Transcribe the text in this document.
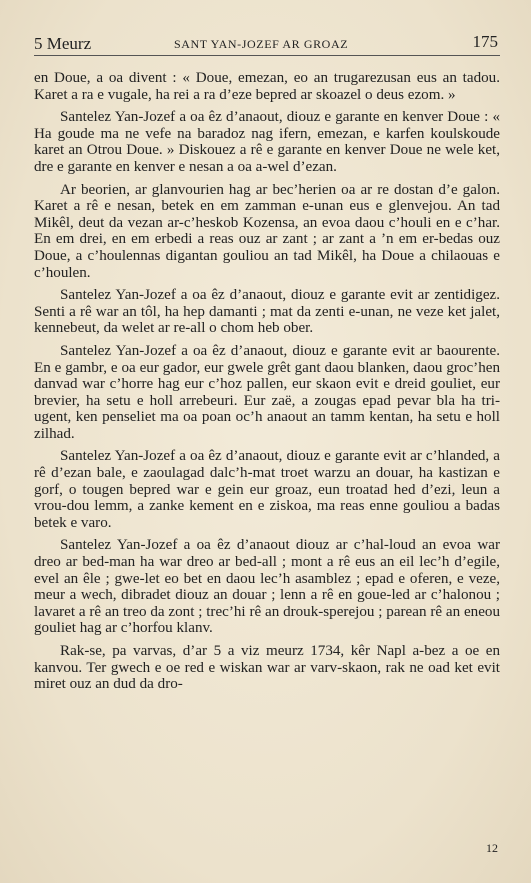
5 Meurz	SANT YAN-JOZEF AR GROAZ	175

en Doue, a oa divent : « Doue, emezan, eo an trugarezusan eus an tadou. Karet a ra e vugale, ha rei a ra d’eze bepred ar skoazel o deus ezom. »

Santelez Yan-Jozef a oa êz d’anaout, diouz e garante en kenver Doue : « Ha goude ma ne vefe na baradoz nag ifern, emezan, e karfen koulskoude karet an Otrou Doue. » Diskouez a rê e garante en kenver Doue ne wele ket, dre e garante en kenver e nesan a oa a-wel d’ezan.

Ar beorien, ar glanvourien hag ar bec’herien oa ar re dostan d’e galon. Karet a rê e nesan, betek en em zamman e-unan eus e glenvejou. An tad Mikêl, deut da vezan ar-c’heskob Kozensa, an evoa daou c’houli en e c’har. En em drei, en em erbedi a reas ouz ar zant ; ar zant a ’n em er-bedas ouz Doue, a c’houlennas digantan gouliou an tad Mikêl, ha Doue a chilaouas e c’houlen.

Santelez Yan-Jozef a oa êz d’anaout, diouz e garante evit ar zentidigez. Senti a rê war an tôl, ha hep damanti ; mat da zenti e-unan, ne veze ket jalet, kennebeut, da welet ar re-all o chom heb ober.

Santelez Yan-Jozef a oa êz d’anaout, diouz e garante evit ar baourente. En e gambr, e oa eur gador, eur gwele grêt gant daou blanken, daou groc’hen danvad war c’horre hag eur c’hoz pallen, eur skaon evit e dreid gouliet, eur brevier, ha setu e holl arrebeuri. Eur zaë, a zougas epad pevar bla ha tri-ugent, ken penseliet ma oa poan oc’h anaout an tamm kentan, ha setu e holl zilhad.

Santelez Yan-Jozef a oa êz d’anaout, diouz e garante evit ar c’hlanded, a rê d’ezan bale, e zaoulagad dalc’h-mat troet warzu an douar, ha kastizan e gorf, o tougen bepred war e gein eur groaz, eun troatad hed d’ezi, leun a vrou-dou lemm, a zanke kement en e ziskoa, ma reas enne gouliou a badas betek e varo.

Santelez Yan-Jozef a oa êz d’anaout diouz ar c’hal-loud an evoa war dreo ar bed-man ha war dreo ar bed-all ; mont a rê eus an eil lec’h d’egile, evel an êle ; gwe-let eo bet en daou lec’h asamblez ; epad e oferen, e veze, meur a wech, dibradet diouz an douar ; lenn a rê en goue-led ar c’halonou ; lavaret a rê an treo da zont ; trec’hi rê an drouk-sperejou ; parean rê an eneou gouliet hag ar c’horfou klanv.

Rak-se, pa varvas, d’ar 5 a viz meurz 1734, kêr Napl a-bez a oe en kanvou. Ter gwech e oe red e wiskan war ar varv-skaon, rak ne oad ket evit miret ouz an dud da dro-

12
